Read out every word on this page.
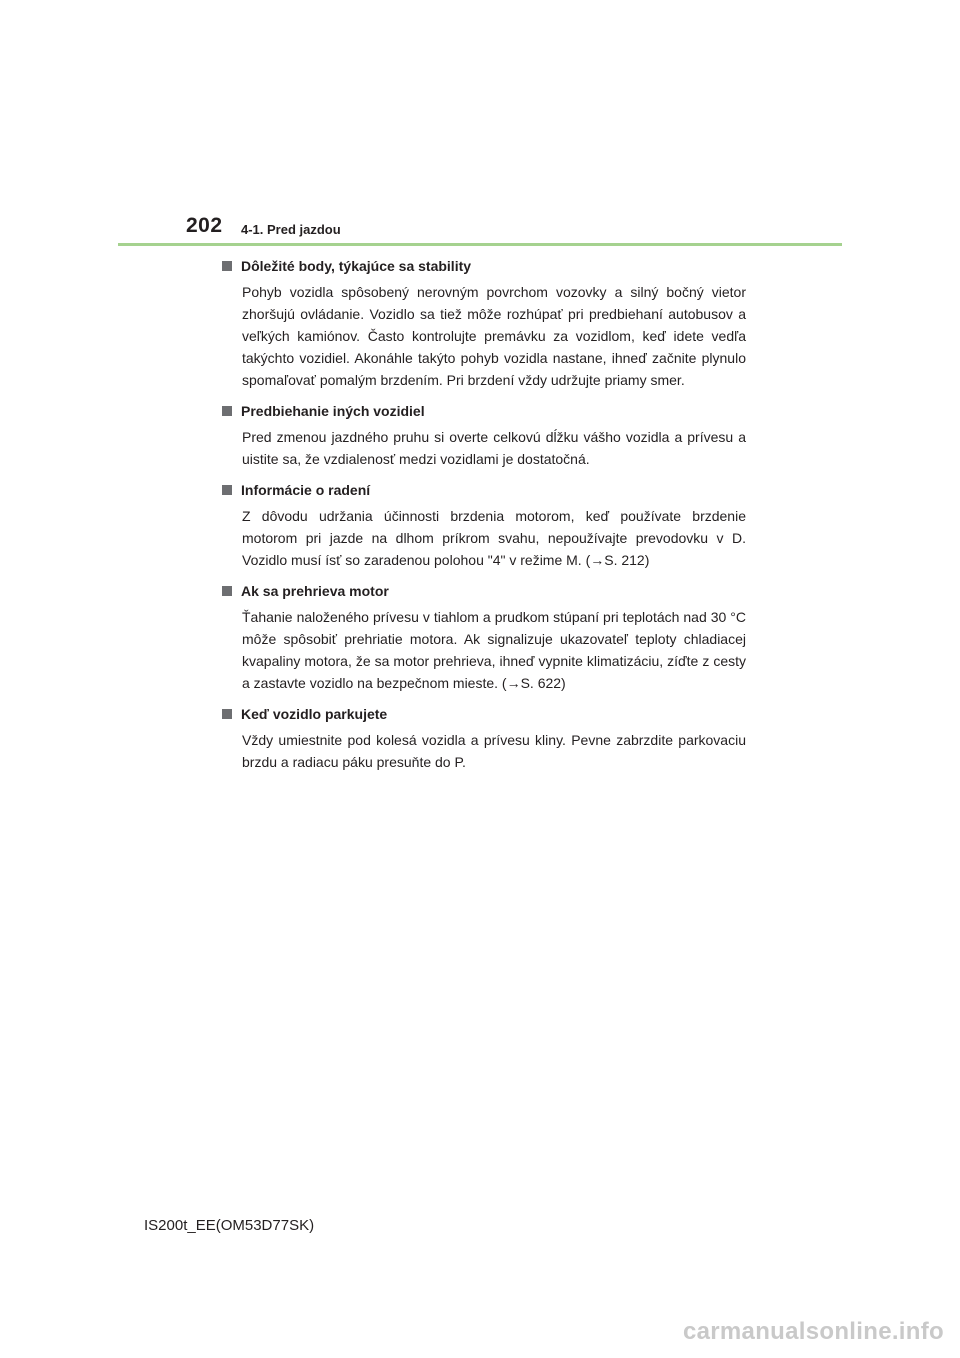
202 4-1. Pred jazdou
Dôležité body, týkajúce sa stability
Pohyb vozidla spôsobený nerovným povrchom vozovky a silný bočný vietor zhoršujú ovládanie. Vozidlo sa tiež môže rozhúpať pri predbiehaní autobusov a veľkých kamiónov. Často kontrolujte premávku za vozidlom, keď idete vedľa takýchto vozidiel. Akonáhle takýto pohyb vozidla nastane, ihneď začnite plynulo spomaľovať pomalým brzdením. Pri brzdení vždy udržujte priamy smer.
Predbiehanie iných vozidiel
Pred zmenou jazdného pruhu si overte celkovú dĺžku vášho vozidla a prívesu a uistite sa, že vzdialenosť medzi vozidlami je dostatočná.
Informácie o radení
Z dôvodu udržania účinnosti brzdenia motorom, keď používate brzdenie motorom pri jazde na dlhom príkrom svahu, nepoužívajte prevodovku v D. Vozidlo musí ísť so zaradenou polohou "4" v režime M. (→S. 212)
Ak sa prehrieva motor
Ťahanie naloženého prívesu v tiahlom a prudkom stúpaní pri teplotách nad 30 °C môže spôsobiť prehriatie motora. Ak signalizuje ukazovateľ teploty chladiacej kvapaliny motora, že sa motor prehrieva, ihneď vypnite klimatizáciu, zíďte z cesty a zastavte vozidlo na bezpečnom mieste. (→S. 622)
Keď vozidlo parkujete
Vždy umiestnite pod kolesá vozidla a prívesu kliny. Pevne zabrzdite parkovaciu brzdu a radiacu páku presuňte do P.
IS200t_EE(OM53D77SK)
carmanualsonline.info
